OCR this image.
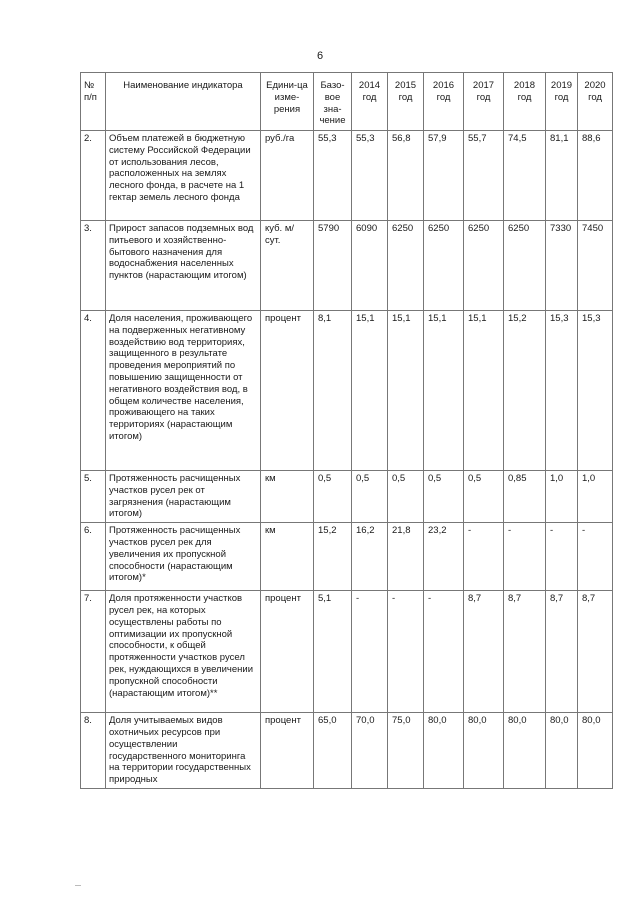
6
№ п/п	Наименование индикатора	Едини-ца изме-рения	Базо-вое зна-чение	2014 год	2015 год	2016 год	2017 год	2018 год	2019 год	2020 год
2.	Объем платежей в бюджетную систему Российской Федерации от использования лесов, расположенных на землях лесного фонда, в расчете на 1 гектар земель лесного фонда	руб./га	55,3	55,3	56,8	57,9	55,7	74,5	81,1	88,6
3.	Прирост запасов подземных вод питьевого и хозяйственно- бытового назначения для водоснабжения населенных пунктов (нарастающим итогом)	куб. м/ сут.	5790	6090	6250	6250	6250	6250	7330	7450
4.	Доля населения, проживающего на подверженных негативному воздействию вод территориях, защищенного в результате проведения мероприятий по повышению защищенности от негативного воздействия вод, в общем количестве населения, проживающего на таких территориях (нарастающим итогом)	процент	8,1	15,1	15,1	15,1	15,1	15,2	15,3	15,3
5.	Протяженность расчищенных участков русел рек от загрязнения (нарастающим итогом)	км	0,5	0,5	0,5	0,5	0,5	0,85	1,0	1,0
6.	Протяженность расчищенных участков русел рек для увеличения их пропускной способности (нарастающим итогом)*	км	15,2	16,2	21,8	23,2	-	-	-	-
7.	Доля протяженности участков русел рек, на которых осуществлены работы по оптимизации их пропускной способности, к общей протяженности участков русел рек, нуждающихся в увеличении пропускной способности (нарастающим итогом)**	процент	5,1	-	-	-	8,7	8,7	8,7	8,7
8.	Доля учитываемых видов охотничьих ресурсов при осуществлении государственного мониторинга на территории государственных природных	процент	65,0	70,0	75,0	80,0	80,0	80,0	80,0	80,0
